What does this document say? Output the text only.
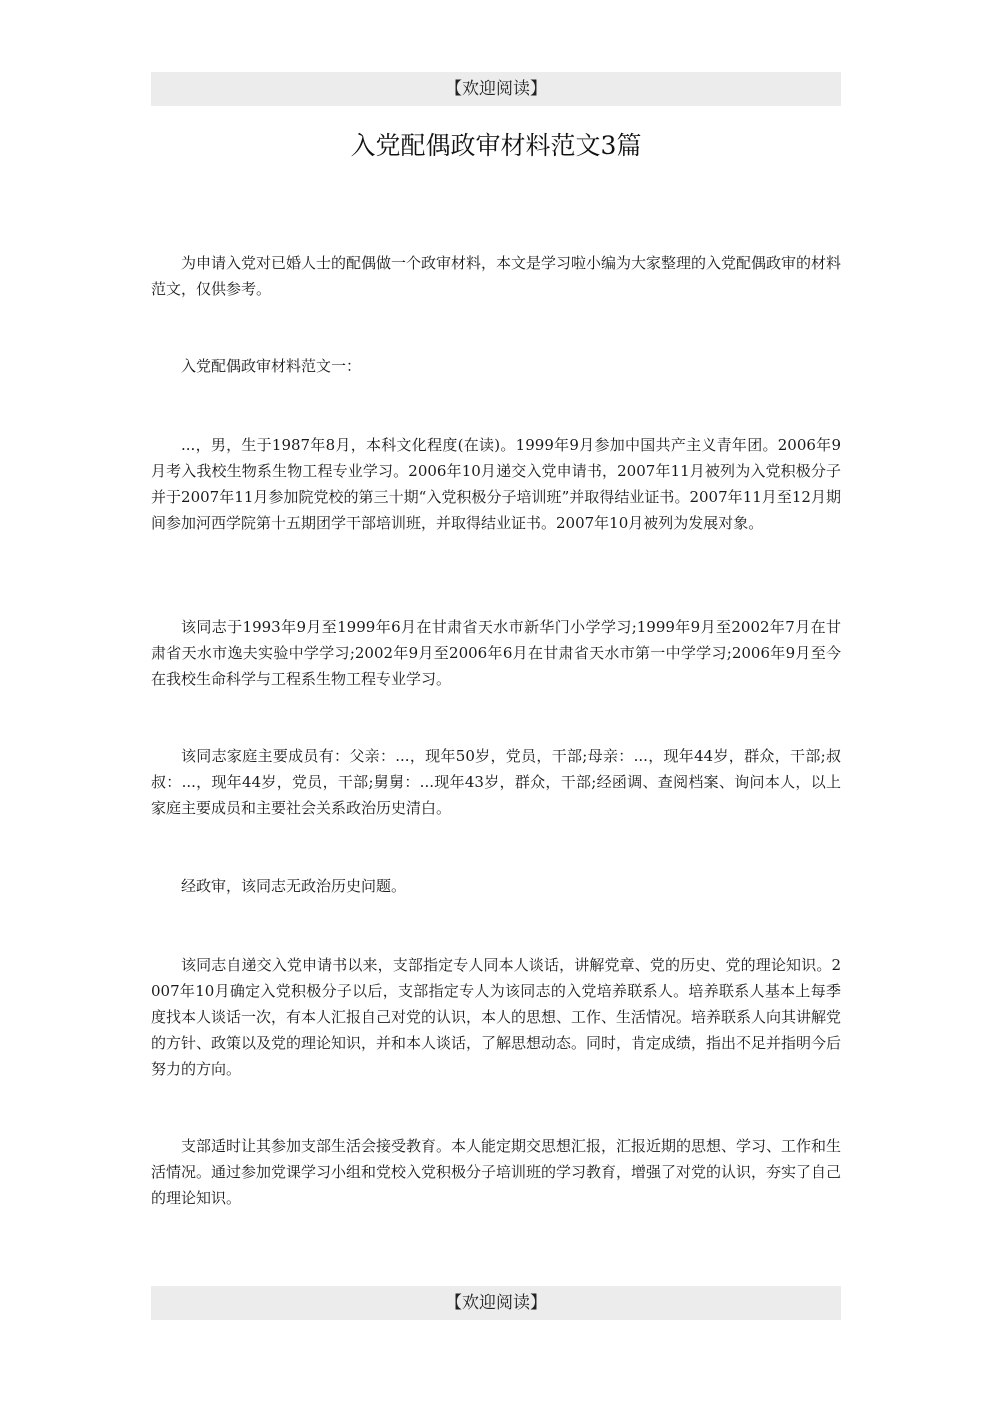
【欢迎阅读】
入党配偶政审材料范文3篇

为申请入党对已婚人士的配偶做一个政审材料，本文是学习啦小编为大家整理的入党配偶政审的材料范文，仅供参考。

入党配偶政审材料范文一：

...，男，生于1987年8月，本科文化程度(在读)。1999年9月参加中国共产主义青年团。2006年9月考入我校生物系生物工程专业学习。2006年10月递交入党申请书，2007年11月被列为入党积极分子并于2007年11月参加院党校的第三十期“入党积极分子培训班”并取得结业证书。2007年11月至12月期间参加河西学院第十五期团学干部培训班，并取得结业证书。2007年10月被列为发展对象。

该同志于1993年9月至1999年6月在甘肃省天水市新华门小学学习;1999年9月至2002年7月在甘肃省天水市逸夫实验中学学习;2002年9月至2006年6月在甘肃省天水市第一中学学习;2006年9月至今在我校生命科学与工程系生物工程专业学习。

该同志家庭主要成员有：父亲：...，现年50岁，党员，干部;母亲：...，现年44岁，群众，干部;叔叔：...，现年44岁，党员，干部;舅舅：...现年43岁，群众，干部;经函调、查阅档案、询问本人，以上家庭主要成员和主要社会关系政治历史清白。

经政审，该同志无政治历史问题。

该同志自递交入党申请书以来，支部指定专人同本人谈话，讲解党章、党的历史、党的理论知识。2007年10月确定入党积极分子以后，支部指定专人为该同志的入党培养联系人。培养联系人基本上每季度找本人谈话一次，有本人汇报自己对党的认识，本人的思想、工作、生活情况。培养联系人向其讲解党的方针、政策以及党的理论知识，并和本人谈话，了解思想动态。同时，肯定成绩，指出不足并指明今后努力的方向。

支部适时让其参加支部生活会接受教育。本人能定期交思想汇报，汇报近期的思想、学习、工作和生活情况。通过参加党课学习小组和党校入党积极分子培训班的学习教育，增强了对党的认识，夯实了自己的理论知识。

【欢迎阅读】
